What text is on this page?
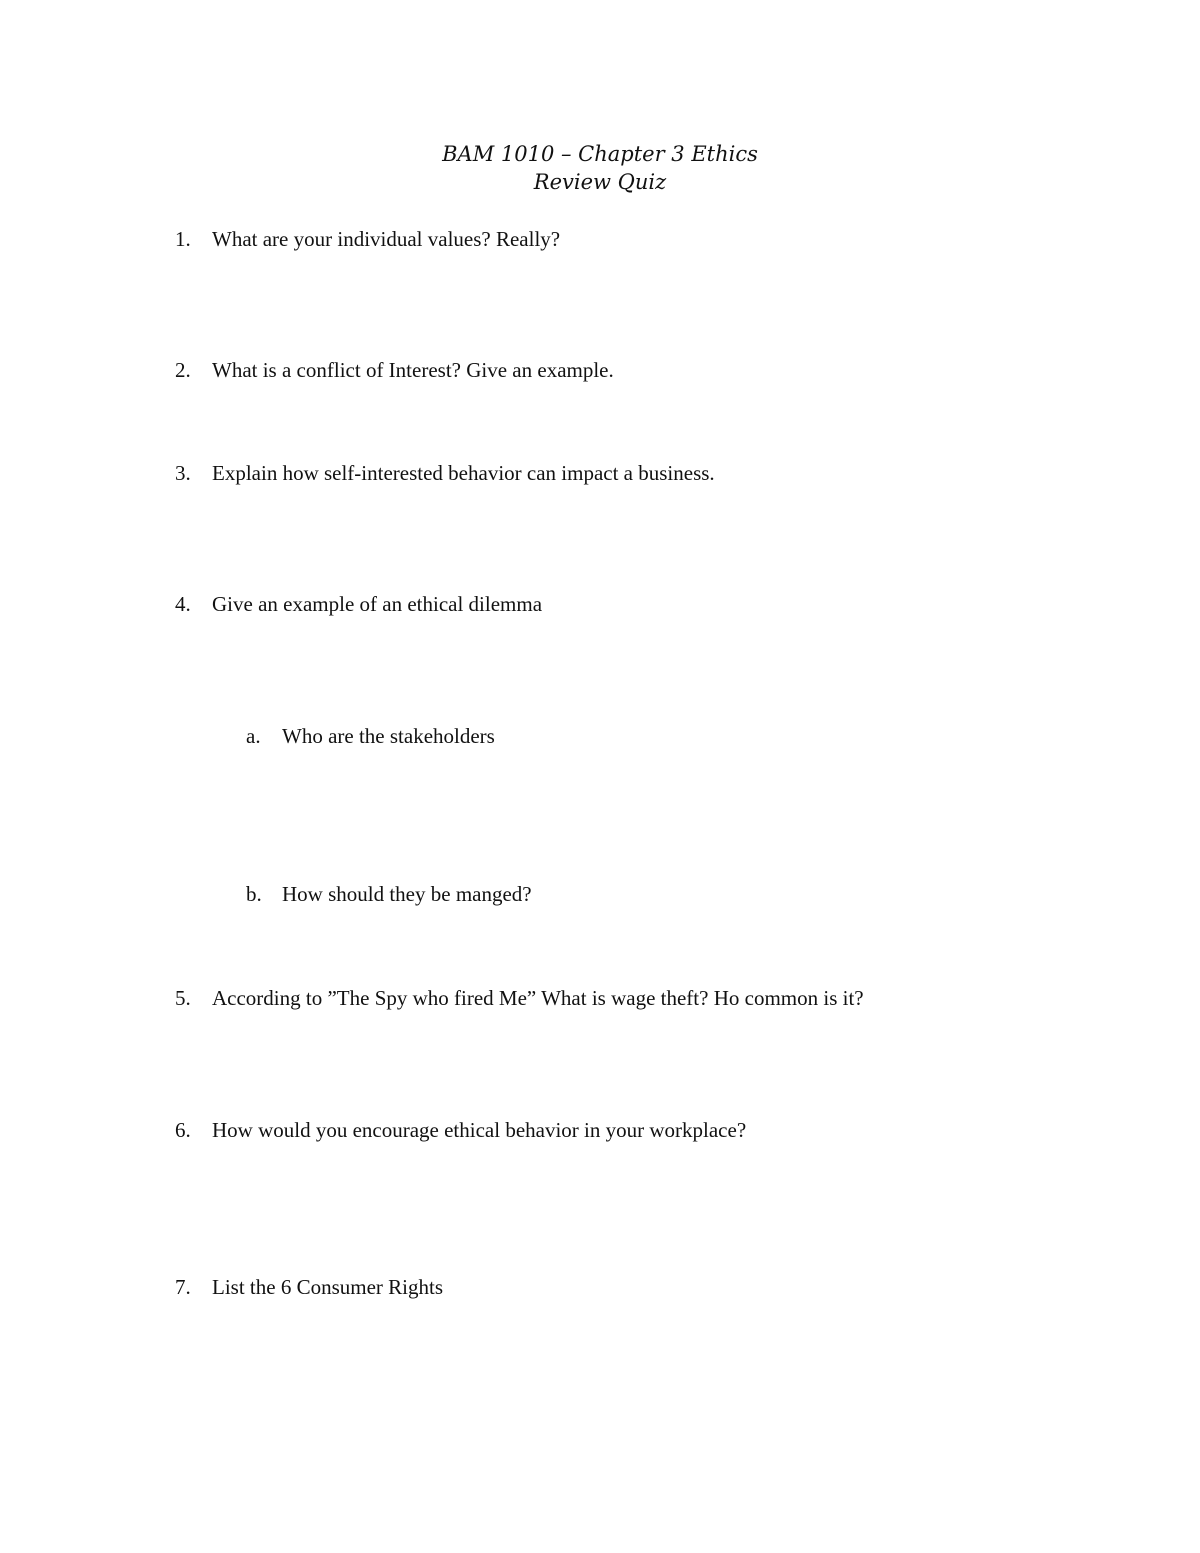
BAM 1010 – Chapter 3 Ethics
Review Quiz
1. What are your individual values? Really?
2. What is a conflict of Interest? Give an example.
3. Explain how self-interested behavior can impact a business.
4. Give an example of an ethical dilemma
a. Who are the stakeholders
b. How should they be manged?
5. According to ”The Spy who fired Me” What is wage theft? Ho common is it?
6. How would you encourage ethical behavior in your workplace?
7. List the 6 Consumer Rights
